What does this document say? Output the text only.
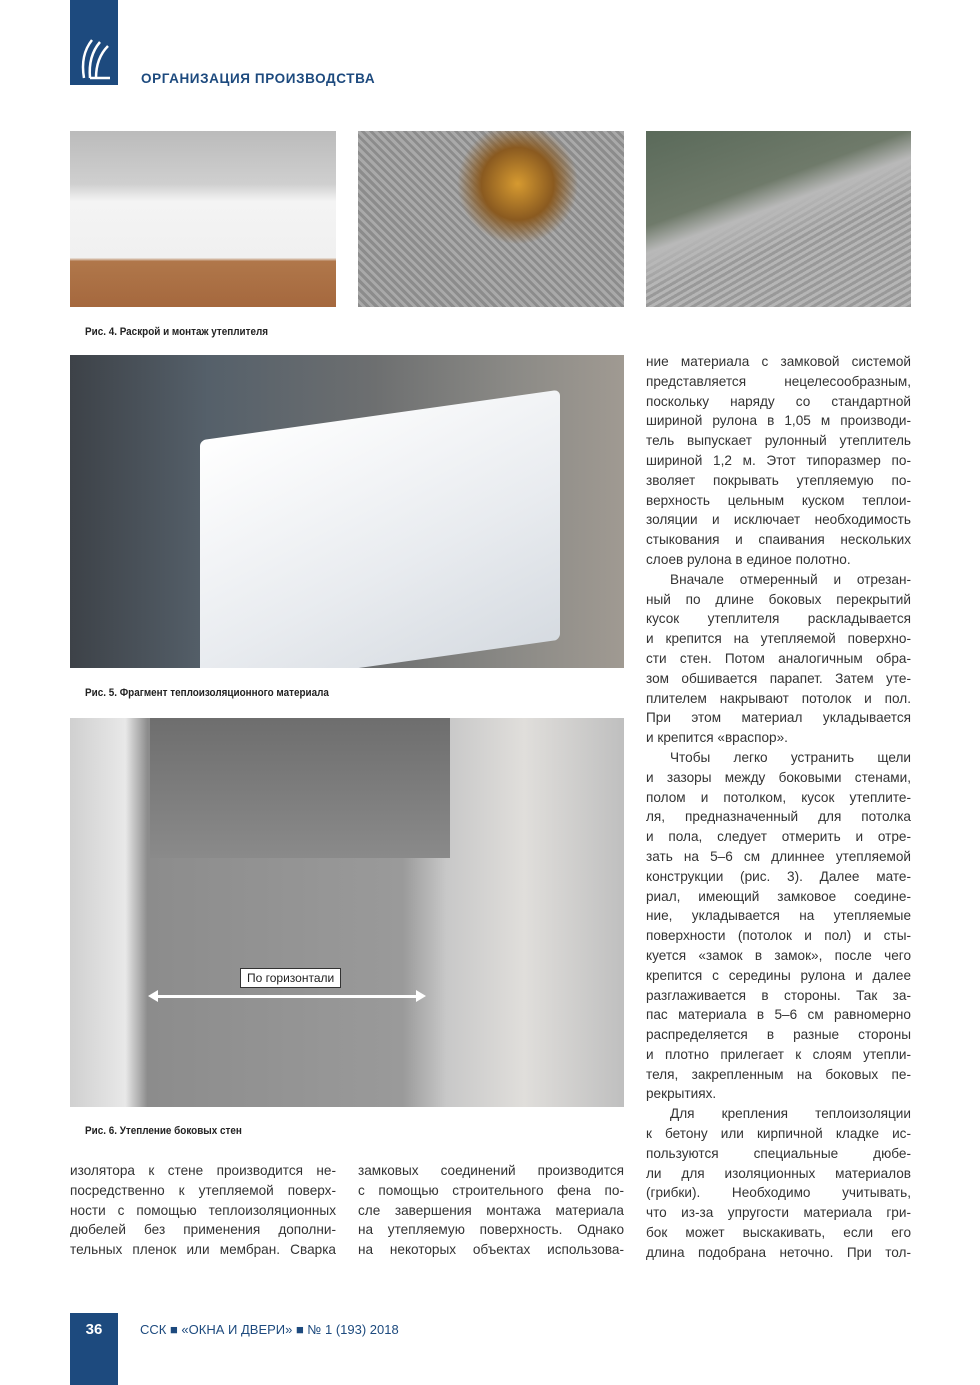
ОРГАНИЗАЦИЯ ПРОИЗВОДСТВА
Рис. 4. Раскрой и монтаж утеплителя
Рис. 5. Фрагмент теплоизоляционного материала
По горизонтали
Рис. 6. Утепление боковых стен
ние материала с замковой системой
представляется нецелесообразным,
поскольку наряду со стандартной
шириной рулона в 1,05 м производи-
тель выпускает рулонный утеплитель
шириной 1,2 м. Этот типоразмер по-
зволяет покрывать утепляемую по-
верхность цельным куском теплои-
золяции и исключает необходимость
стыкования и спаивания нескольких
слоев рулона в единое полотно.
Вначале отмеренный и отрезан-
ный по длине боковых перекрытий
кусок утеплителя раскладывается
и крепится на утепляемой поверхно-
сти стен. Потом аналогичным обра-
зом обшивается парапет. Затем уте-
плителем накрывают потолок и пол.
При этом материал укладывается
и крепится «враспор».
Чтобы легко устранить щели
и зазоры между боковыми стенами,
полом и потолком, кусок утеплите-
ля, предназначенный для потолка
и пола, следует отмерить и отре-
зать на 5–6 см длиннее утепляемой
конструкции (рис. 3). Далее мате-
риал, имеющий замковое соедине-
ние, укладывается на утепляемые
поверхности (потолок и пол) и сты-
куется «замок в замок», после чего
крепится с середины рулона и далее
разглаживается в стороны. Так за-
пас материала в 5–6 см равномерно
распределяется в разные стороны
и плотно прилегает к слоям утепли-
теля, закрепленным на боковых пе-
рекрытиях.
Для крепления теплоизоляции
к бетону или кирпичной кладке ис-
пользуются специальные дюбе-
ли для изоляционных материалов
(грибки). Необходимо учитывать,
что из-за упругости материала гри-
бок может выскакивать, если его
длина подобрана неточно. При тол-
изолятора к стене производится не-
посредственно к утепляемой поверх-
ности с помощью теплоизоляционных
дюбелей без применения дополни-
тельных пленок или мембран. Сварка
замковых соединений производится
с помощью строительного фена по-
сле завершения монтажа материала
на утепляемую поверхность. Однако
на некоторых объектах использова-
36	ССК ■ «ОКНА И ДВЕРИ» ■ № 1 (193) 2018
